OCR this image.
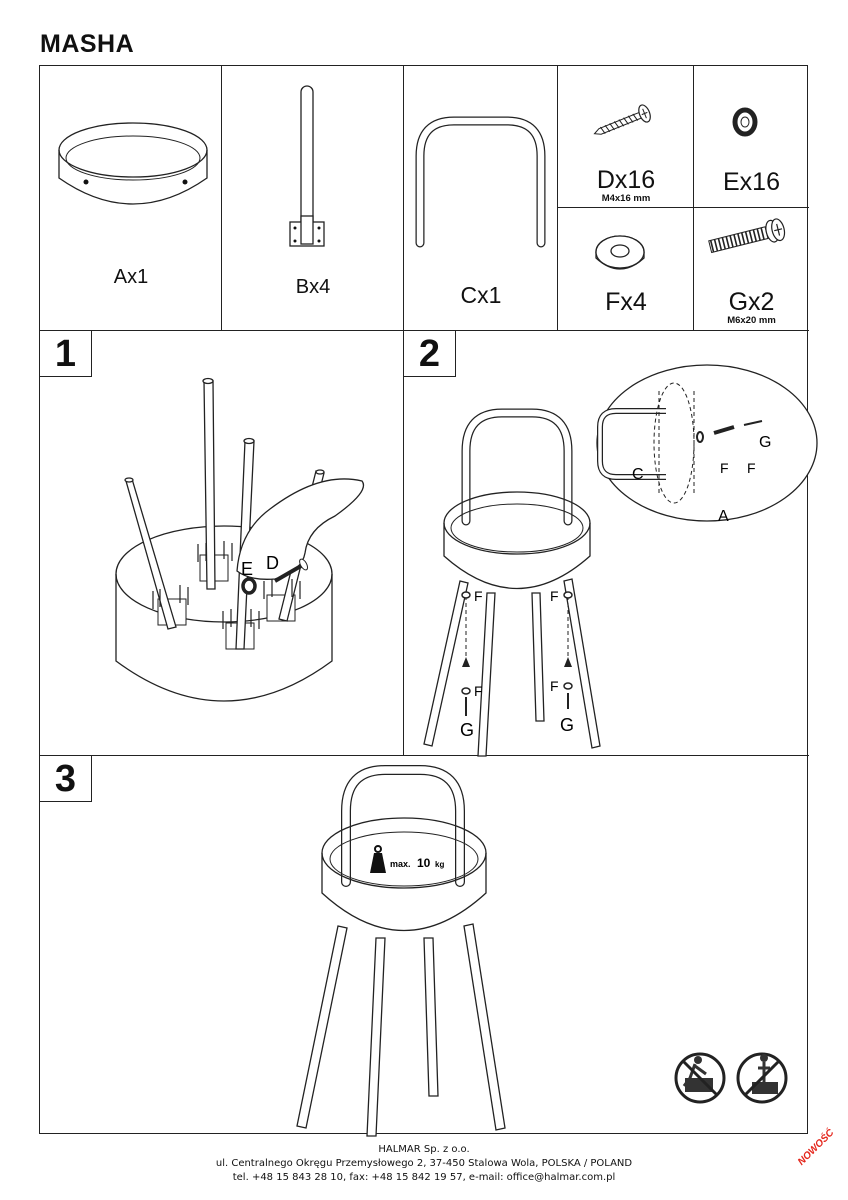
MASHA
Ax1	Bx4	Cx1
Dx16
M4x16 mm
Ex16
Fx4	Gx2
M6x20 mm
1
E D
2
F	F
F	F
G	G
C
A
F F
G
3
max. 10 kg
HALMAR Sp. z o.o.
ul. Centralnego Okręgu Przemysłowego 2, 37-450 Stalowa Wola, POLSKA / POLAND
tel. +48 15 843 28 10, fax: +48 15 842 19 57, e-mail: office@halmar.com.pl
NOWOŚĆ
